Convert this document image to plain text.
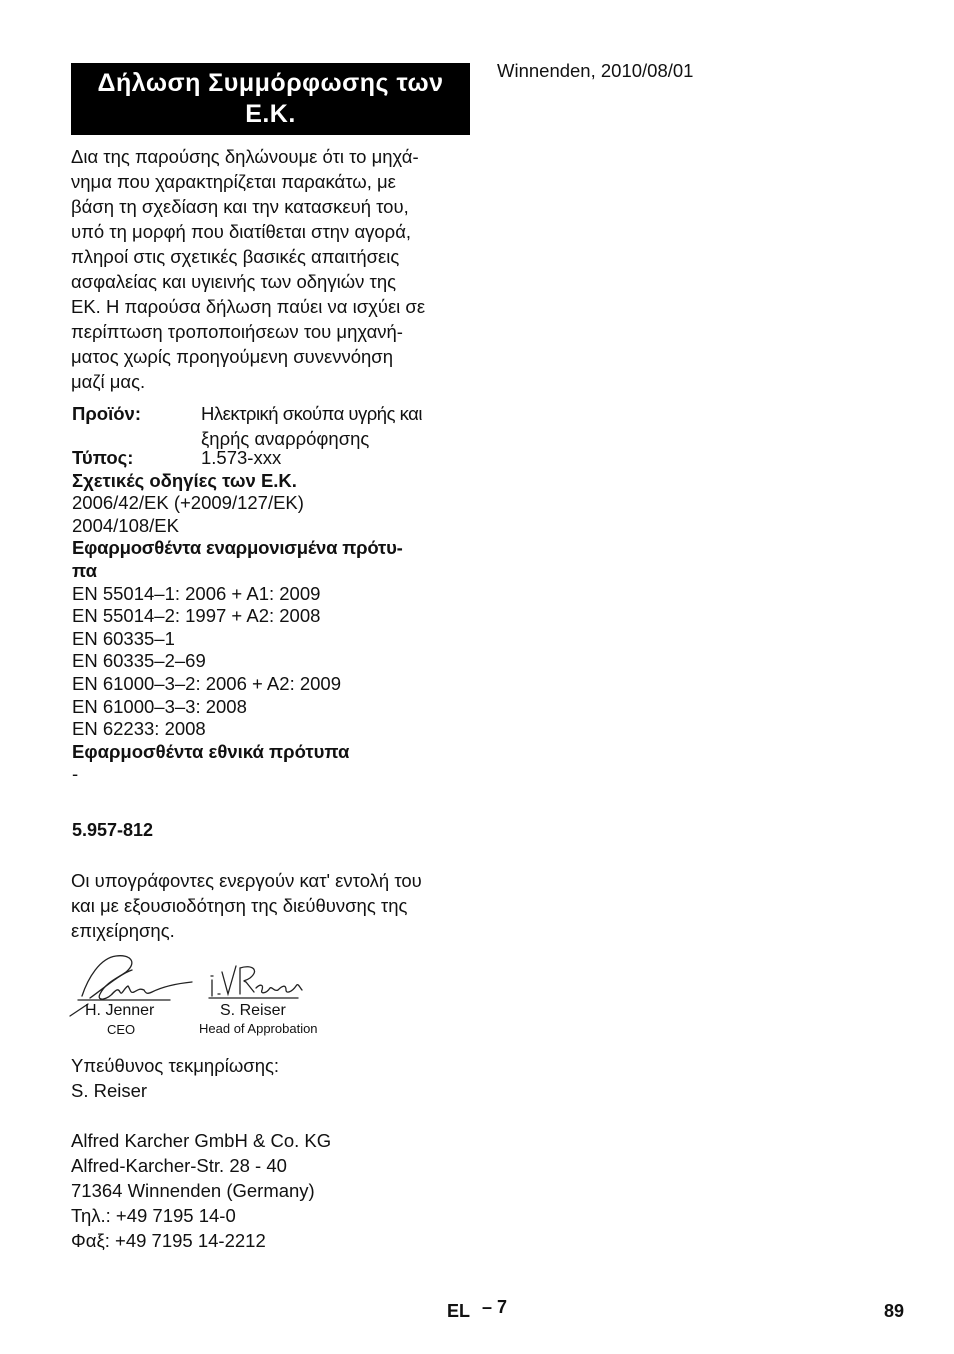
Δήλωση Συμμόρφωσης των
Ε.Κ.
Δια της παρούσης δηλώνουμε ότι το μηχά-
νημα που χαρακτηρίζεται παρακάτω, με
βάση τη σχεδίαση και την κατασκευή του,
υπό τη μορφή που διατίθεται στην αγορά,
πληροί στις σχετικές βασικές απαιτήσεις
ασφαλείας και υγιεινής των οδηγιών της
ΕΚ. Η παρούσα δήλωση παύει να ισχύει σε
περίπτωση τροποποιήσεων του μηχανή-
ματος χωρίς προηγούμενη συνεννόηση
μαζί μας.
Προϊόν:	Ηλεκτρική σκούπα υγρής και
ξηρής αναρρόφησης
Τύπος:	1.573-xxx
Σχετικές οδηγίες των Ε.Κ.
2006/42/ΕΚ (+2009/127/ΕΚ)
2004/108/ΕΚ
Εφαρμοσθέντα εναρμονισμένα πρότυ-
πα
EN 55014–1: 2006 + A1: 2009
EN 55014–2: 1997 + A2: 2008
EN 60335–1
EN 60335–2–69
EN 61000–3–2: 2006 + A2: 2009
EN 61000–3–3: 2008
EN 62233: 2008
Εφαρμοσθέντα εθνικά πρότυπα
-
5.957-812
Οι υπογράφοντες ενεργούν κατ' εντολή του
και με εξουσιοδότηση της διεύθυνσης της
επιχείρησης.
H. Jenner
CEO
S. Reiser
Head of Approbation
Υπεύθυνος τεκμηρίωσης:
S. Reiser
Alfred Karcher GmbH & Co. KG
Alfred-Karcher-Str. 28 - 40
71364 Winnenden (Germany)
Τηλ.: +49 7195 14-0
Φαξ: +49 7195 14-2212
Winnenden, 2010/08/01
EL – 7	89
